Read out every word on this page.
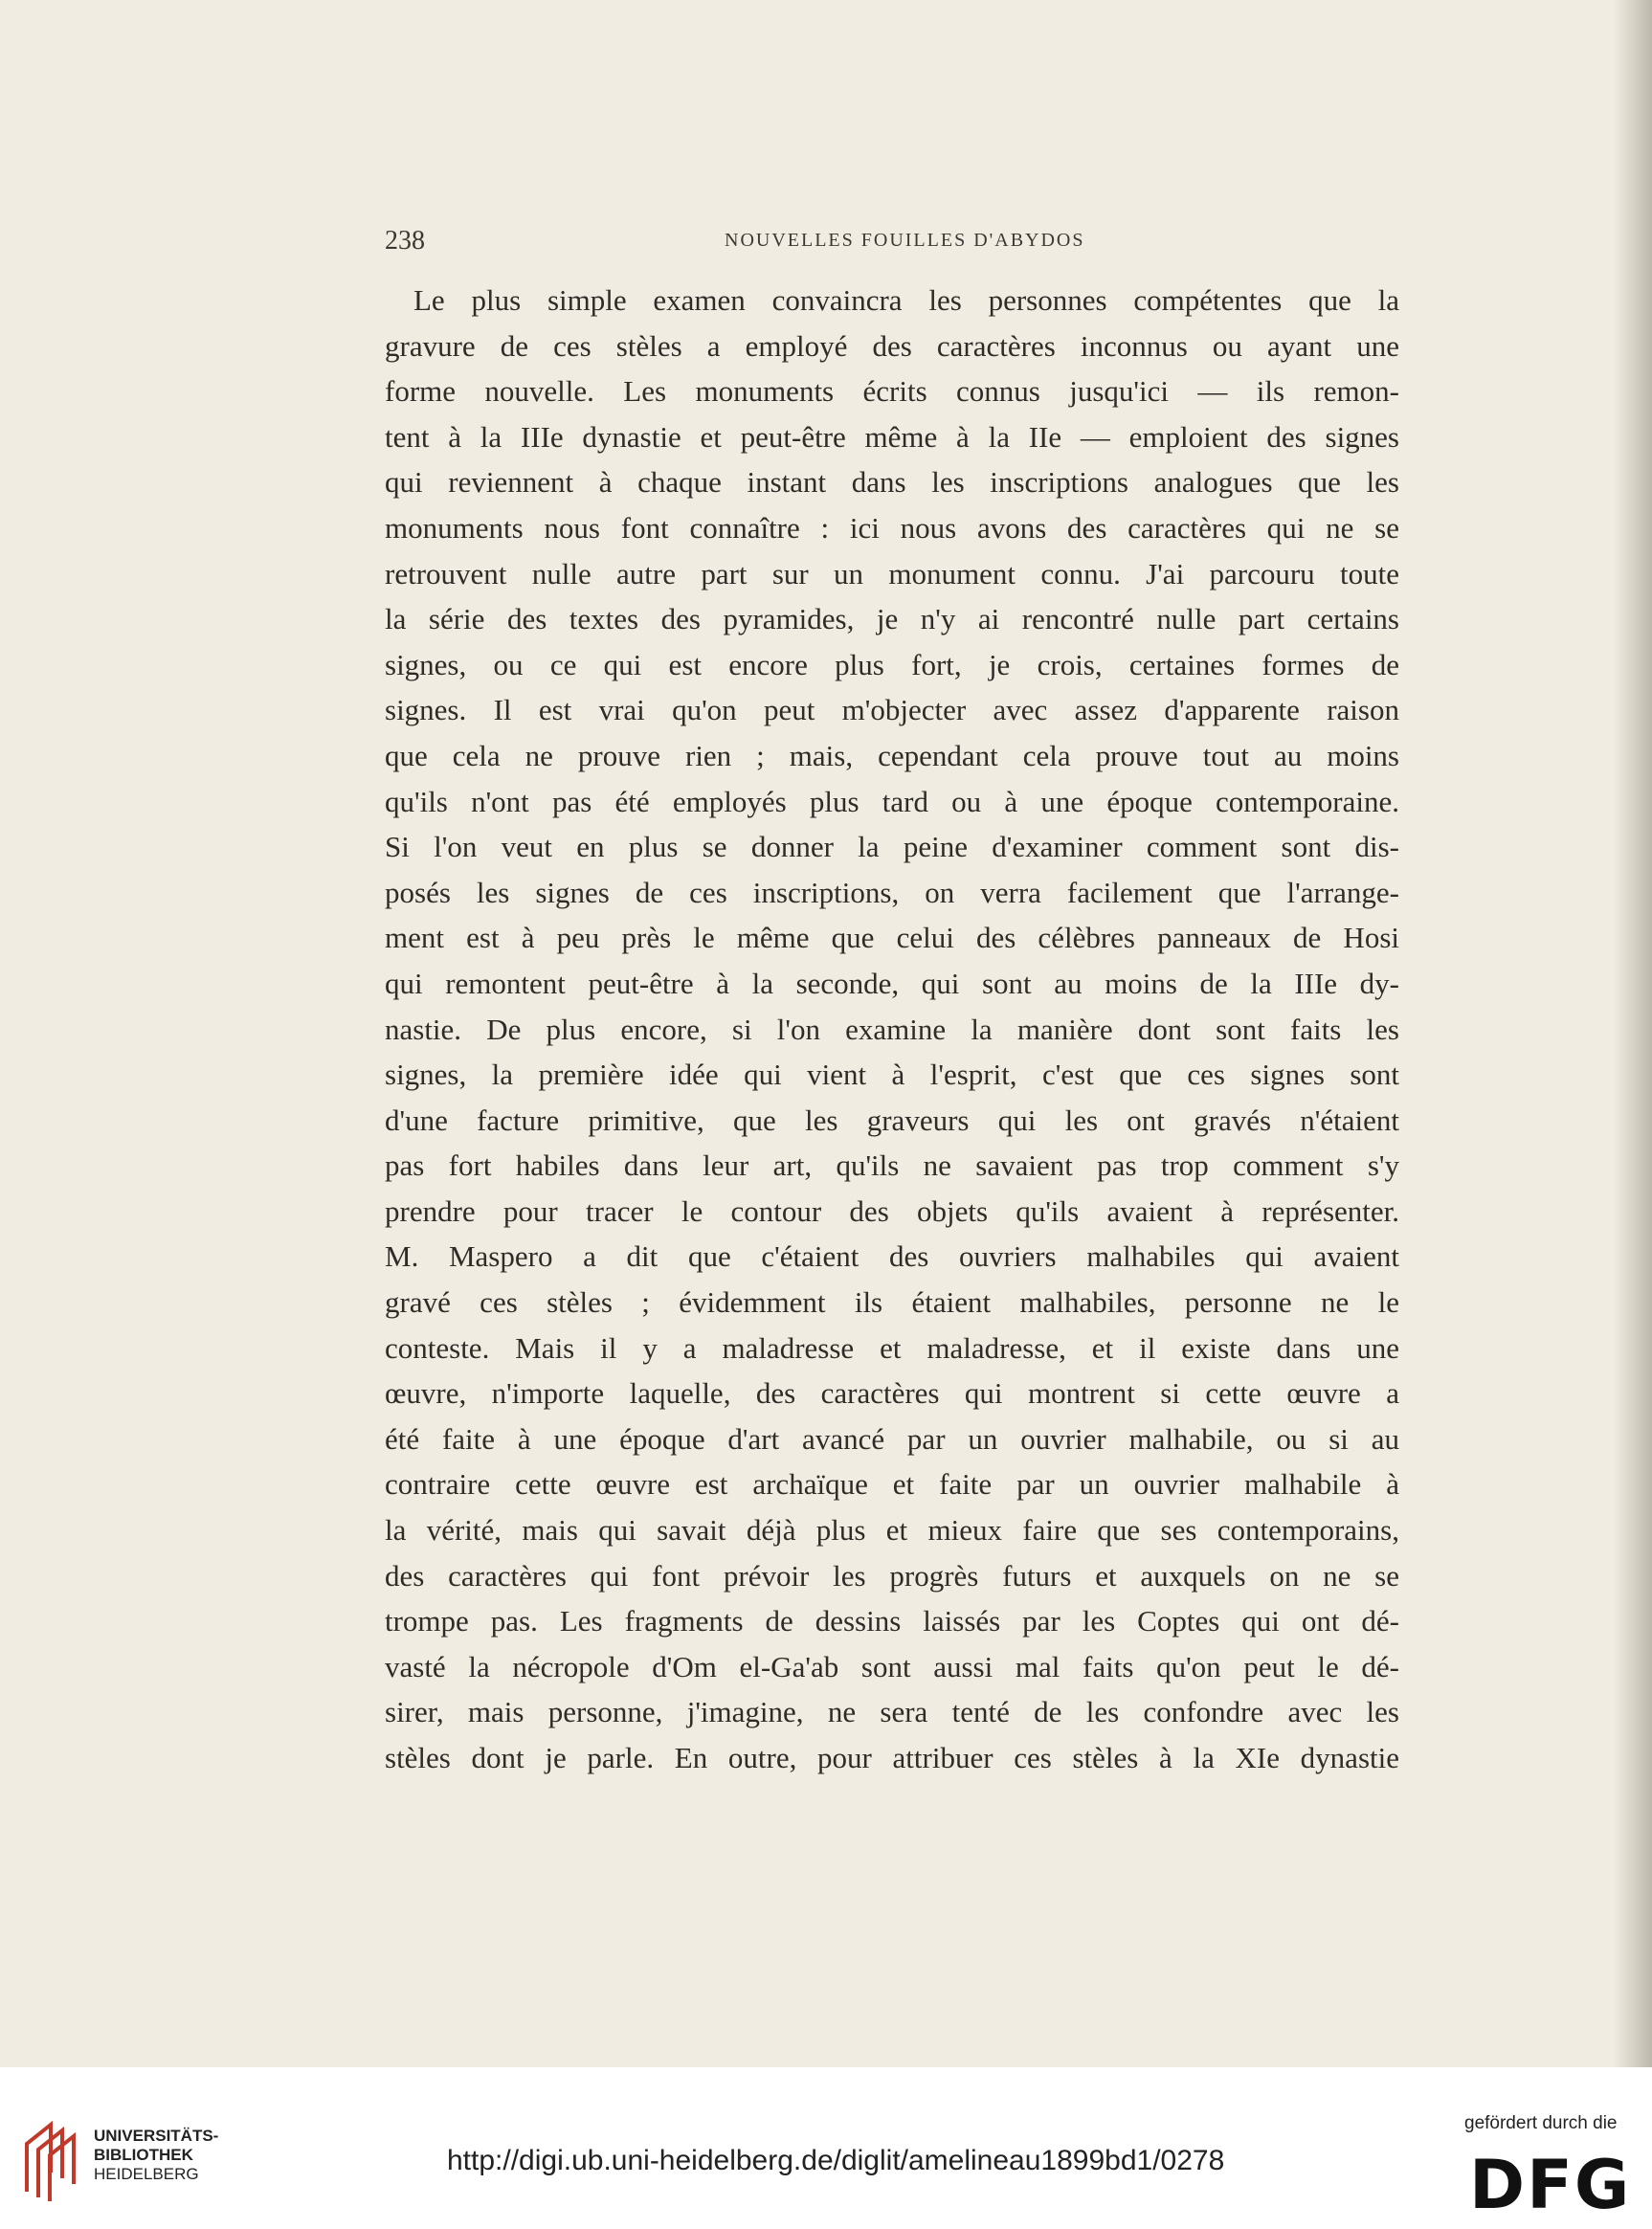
238	NOUVELLES FOUILLES D'ABYDOS
Le plus simple examen convaincra les personnes compétentes que la
gravure de ces stèles a employé des caractères inconnus ou ayant une
forme nouvelle. Les monuments écrits connus jusqu'ici — ils remon-
tent à la IIIe dynastie et peut-être même à la IIe — emploient des signes
qui reviennent à chaque instant dans les inscriptions analogues que les
monuments nous font connaître : ici nous avons des caractères qui ne se
retrouvent nulle autre part sur un monument connu. J'ai parcouru toute
la série des textes des pyramides, je n'y ai rencontré nulle part certains
signes, ou ce qui est encore plus fort, je crois, certaines formes de
signes. Il est vrai qu'on peut m'objecter avec assez d'apparente raison
que cela ne prouve rien ; mais, cependant cela prouve tout au moins
qu'ils n'ont pas été employés plus tard ou à une époque contemporaine.
Si l'on veut en plus se donner la peine d'examiner comment sont dis-
posés les signes de ces inscriptions, on verra facilement que l'arrange-
ment est à peu près le même que celui des célèbres panneaux de Hosi
qui remontent peut-être à la seconde, qui sont au moins de la IIIe dy-
nastie. De plus encore, si l'on examine la manière dont sont faits les
signes, la première idée qui vient à l'esprit, c'est que ces signes sont
d'une facture primitive, que les graveurs qui les ont gravés n'étaient
pas fort habiles dans leur art, qu'ils ne savaient pas trop comment s'y
prendre pour tracer le contour des objets qu'ils avaient à représenter.
M. Maspero a dit que c'étaient des ouvriers malhabiles qui avaient
gravé ces stèles ; évidemment ils étaient malhabiles, personne ne le
conteste. Mais il y a maladresse et maladresse, et il existe dans une
œuvre, n'importe laquelle, des caractères qui montrent si cette œuvre a
été faite à une époque d'art avancé par un ouvrier malhabile, ou si au
contraire cette œuvre est archaïque et faite par un ouvrier malhabile à
la vérité, mais qui savait déjà plus et mieux faire que ses contemporains,
des caractères qui font prévoir les progrès futurs et auxquels on ne se
trompe pas. Les fragments de dessins laissés par les Coptes qui ont dé-
vasté la nécropole d'Om el-Ga'ab sont aussi mal faits qu'on peut le dé-
sirer, mais personne, j'imagine, ne sera tenté de les confondre avec les
stèles dont je parle. En outre, pour attribuer ces stèles à la XIe dynastie
UNIVERSITÄTS-
BIBLIOTHEK
HEIDELBERG	http://digi.ub.uni-heidelberg.de/diglit/amelineau1899bd1/0278
gefördert durch die
DFG
